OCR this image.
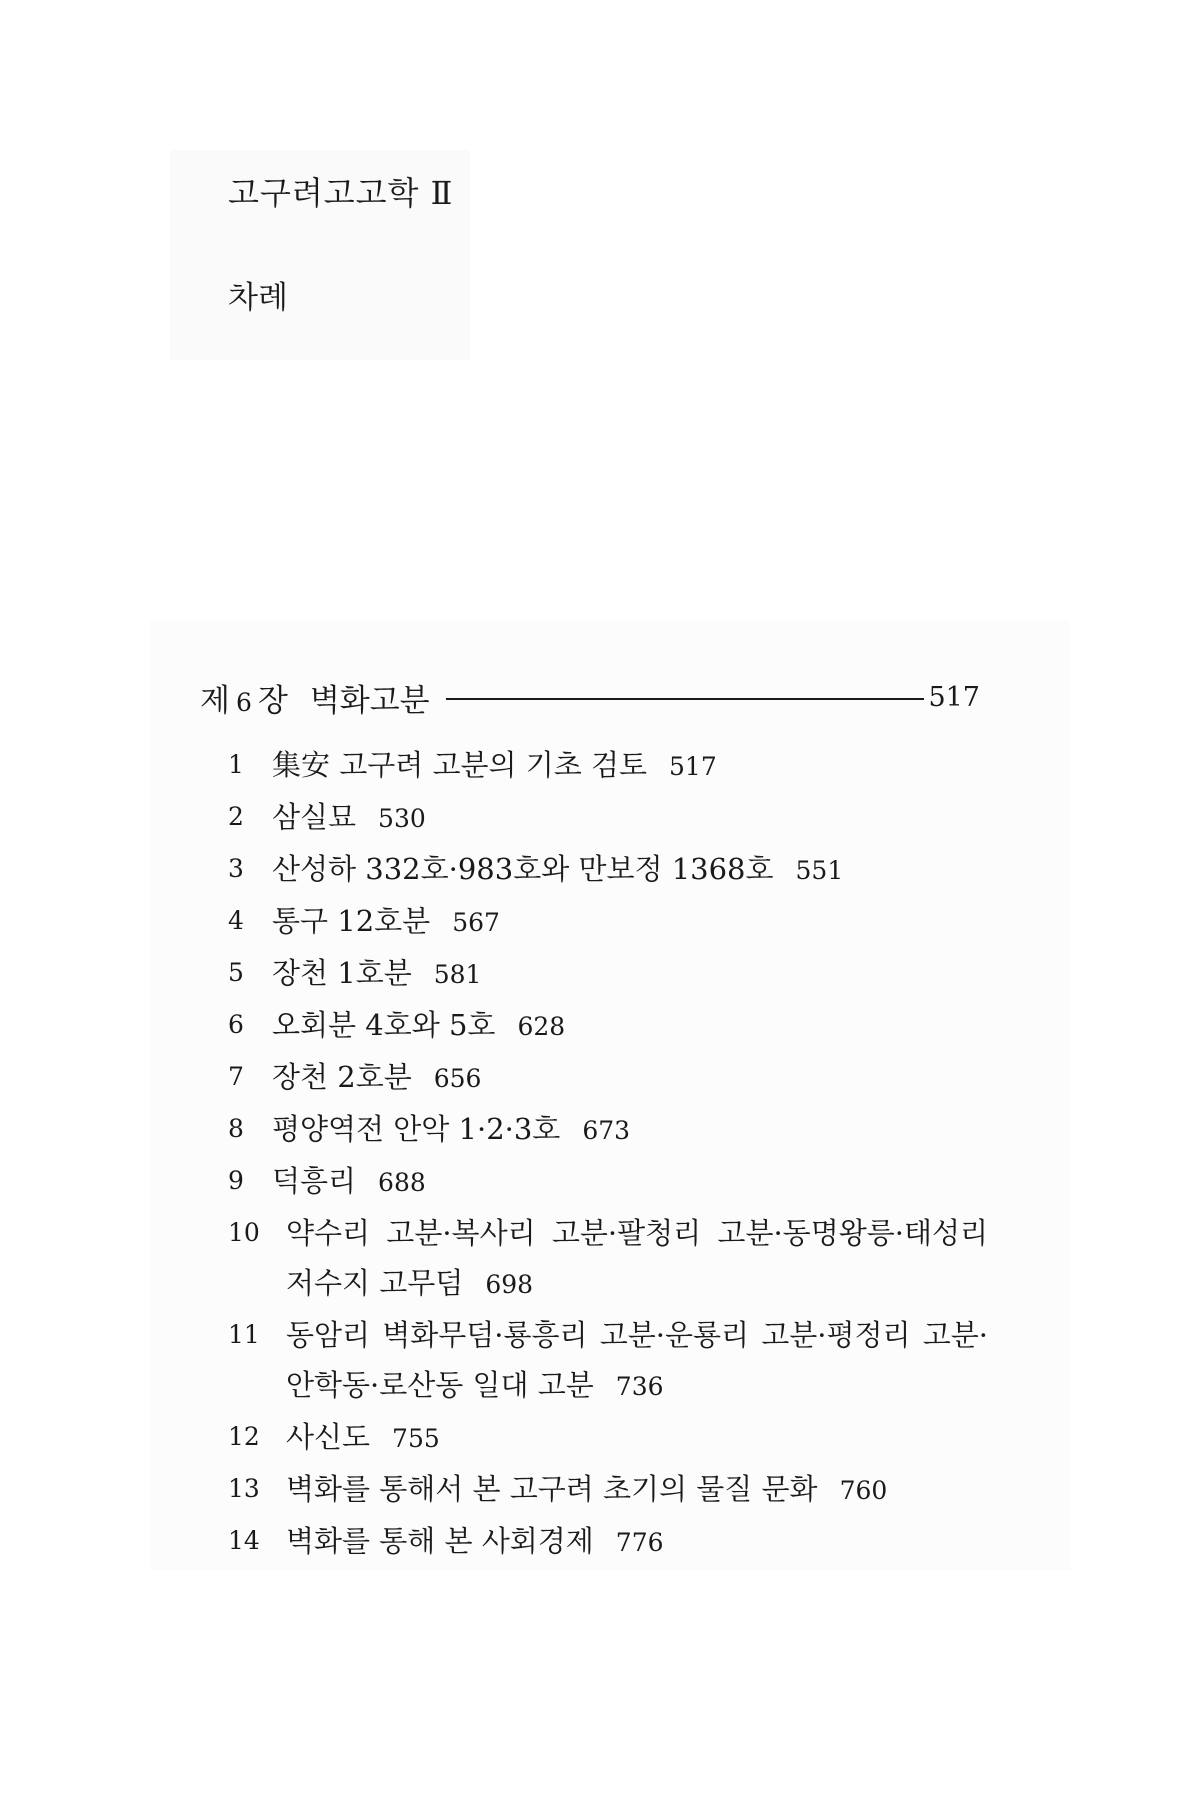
고구려고고학 Ⅱ
차례
제 6 장 벽화고분	517
1 集安 고구려 고분의 기초 검토 517
2 삼실묘 530
3 산성하 332호·983호와 만보정 1368호 551
4 통구 12호분 567
5 장천 1호분 581
6 오회분 4호와 5호 628
7 장천 2호분 656
8 평양역전 안악 1·2·3호 673
9 덕흥리 688
10 약수리 고분·복사리 고분·팔청리 고분·동명왕릉·태성리 저수지 고무덤 698
11 동암리 벽화무덤·룡흥리 고분·운룡리 고분·평정리 고분·안학동·로산동 일대 고분 736
12 사신도 755
13 벽화를 통해서 본 고구려 초기의 물질 문화 760
14 벽화를 통해 본 사회경제 776
